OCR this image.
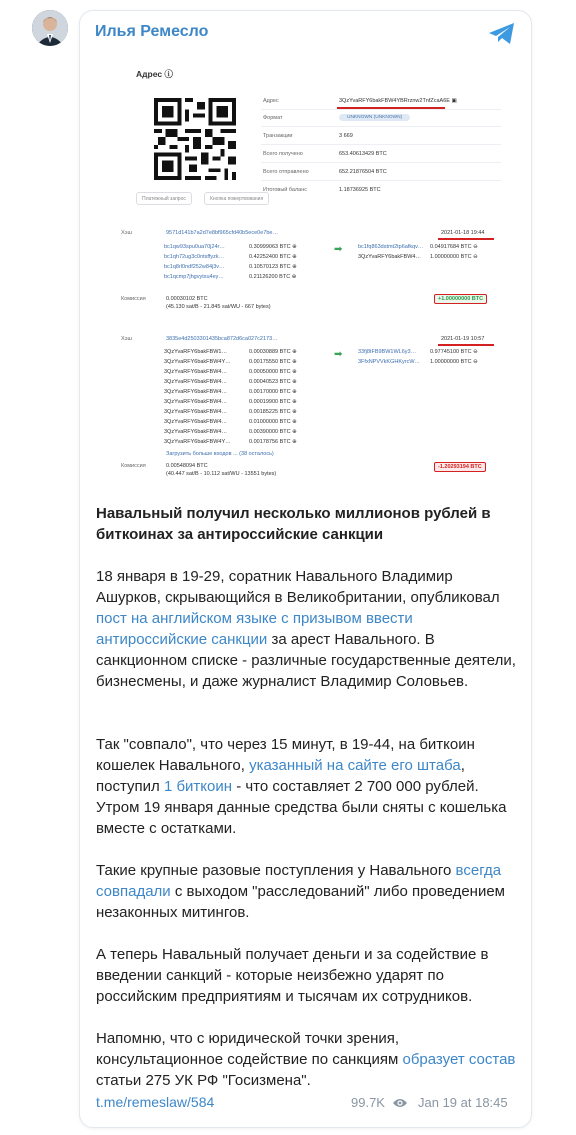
Илья Ремесло
Адрес ⓘ
Адрес	3QzYvaRFY6bakFBW4YBRrznw2TnfZcaA6E ▣
Формат	UNKNOWN (UNKNOWN)
Транзакции	3 669
Всего получено	653.40613429 BTC
Всего отправлено	652.21876504 BTC
Итоговый баланс	1.18736925 BTC
Платежный запрос	Кнопка пожертвования
Хэш	9571d141b7a2d7e8bf965cfd40b5ece0e7be…	2021-01-18 19:44
bc1qw93spu0ua70j24r…	0.30999063 BTC ⊕
bc1qh72ug3c0ntsffyzk…	0.42252400 BTC ⊕
bc1q8rl0ndf252w84j3v…	0.10570123 BTC ⊕
bc1qcmp7jhgvytxu4ey…	0.21126200 BTC ⊕
➡	bc1fq863dstmt2tp6afkqv… 0.04917684 BTC ⊖
3QzYvaRFY6bakFBW4… 1.00000000 BTC ⊖
Комиссия	0.00030102 BTC
(45.130 sat/B - 21.845 sat/WU - 667 bytes)
+1.00000000 BTC
Хэш	3835e4d2503301435bca872d6ca027c2173…	2021-01-19 10:57
3QzYvaRFY6bakFBW1…	0.00030889 BTC ⊕
3QzYvaRFY6bakFBW4Y…	0.00175550 BTC ⊕
3QzYvaRFY6bakFBW4…	0.00050000 BTC ⊕
3QzYvaRFY6bakFBW4…	0.00040523 BTC ⊕
3QzYvaRFY6bakFBW4…	0.00170000 BTC ⊕
3QzYvaRFY6bakFBW4…	0.00019900 BTC ⊕
3QzYvaRFY6bakFBW4…	0.00185225 BTC ⊕
3QzYvaRFY6bakFBW4…	0.01000000 BTC ⊕
3QzYvaRFY6bakFBW4…	0.00390000 BTC ⊕
3QzYvaRFY6bakFBW4Y…	0.00178756 BTC ⊕
➡	33fj8tFB9BW1WL6y3…	0.97745100 BTC ⊖
3FfxNPVVkKGHKyrcW… 1.00000000 BTC ⊖
Загрузить больше входов ... (38 осталось)
Комиссия	0.00548094 BTC
(40.447 sat/B - 10.112 sat/WU - 13551 bytes)
-1.20293194 BTC
Навальный получил несколько миллионов рублей в биткоинах за антироссийские санкции
18 января в 19-29, соратник Навального Владимир Ашурков, скрывающийся в Великобритании, опубликовал пост на английском языке с призывом ввести антироссийские санкции за арест Навального. В санкционном списке - различные государственные деятели, бизнесмены, и даже журналист Владимир Соловьев.
Так "совпало", что через 15 минут, в 19-44, на биткоин кошелек Навального, указанный на сайте его штаба, поступил 1 биткоин - что составляет 2 700 000 рублей. Утром 19 января данные средства были сняты с кошелька вместе с остатками.
Такие крупные разовые поступления у Навального всегда совпадали с выходом "расследований" либо проведением незаконных митингов.
А теперь Навальный получает деньги и за содействие в введении санкций - которые неизбежно ударят по российским предприятиям и тысячам их сотрудников.
Напомню, что с юридической точки зрения, консультационное содействие по санкциям образует состав статьи 275 УК РФ "Госизмена".
t.me/remeslaw/584	99.7K	Jan 19 at 18:45
